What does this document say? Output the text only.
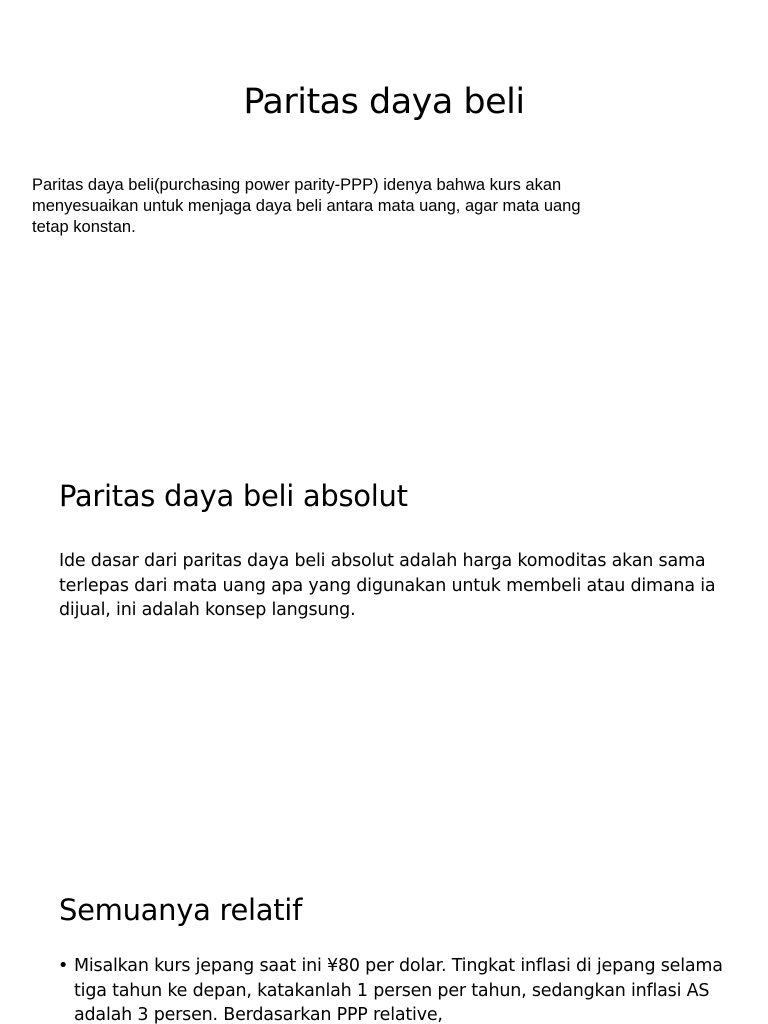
Paritas daya beli

Paritas daya beli(purchasing power parity-PPP) idenya bahwa kurs akan menyesuaikan untuk menjaga daya beli antara mata uang, agar mata uang tetap konstan.

Paritas daya beli absolut

Ide dasar dari paritas daya beli absolut adalah harga komoditas akan sama terlepas dari mata uang apa yang digunakan untuk membeli atau dimana ia dijual, ini adalah konsep langsung.

Semuanya relatif
• Misalkan kurs jepang saat ini ¥80 per dolar. Tingkat inflasi di jepang selama tiga tahun ke depan, katakanlah 1 persen per tahun, sedangkan inflasi AS adalah 3 persen. Berdasarkan PPP relative,
